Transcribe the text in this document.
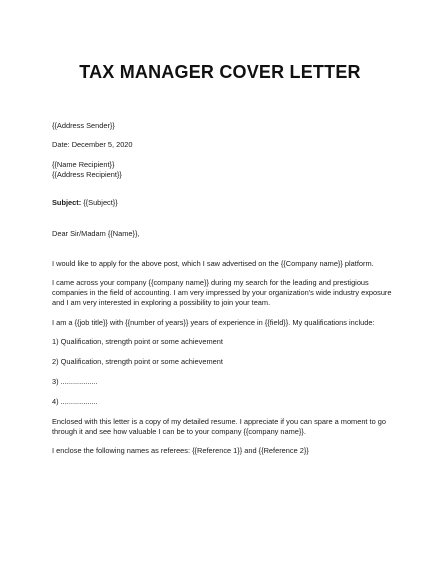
TAX MANAGER COVER LETTER
{{Address Sender}}
Date: December 5, 2020
{{Name Recipient}}
{{Address Recipient}}
Subject: {{Subject}}
Dear Sir/Madam {{Name}},
I would like to apply for the above post, which I saw advertised on the {{Company name}} platform.
I came across your company {{company name}} during my search for the leading and prestigious
companies in the field of accounting. I am very impressed by your organization's wide industry exposure
and I am very interested in exploring a possibility to join your team.
I am a {{job title}} with {{number of years}} years of experience in {{field}}. My qualifications include:
1) Qualification, strength point or some achievement
2) Qualification, strength point or some achievement
3) ..................
4) ..................
Enclosed with this letter is a copy of my detailed resume. I appreciate if you can spare a moment to go
through it and see how valuable I can be to your company {{company name}}.
I enclose the following names as referees: {{Reference 1}} and {{Reference 2}}
